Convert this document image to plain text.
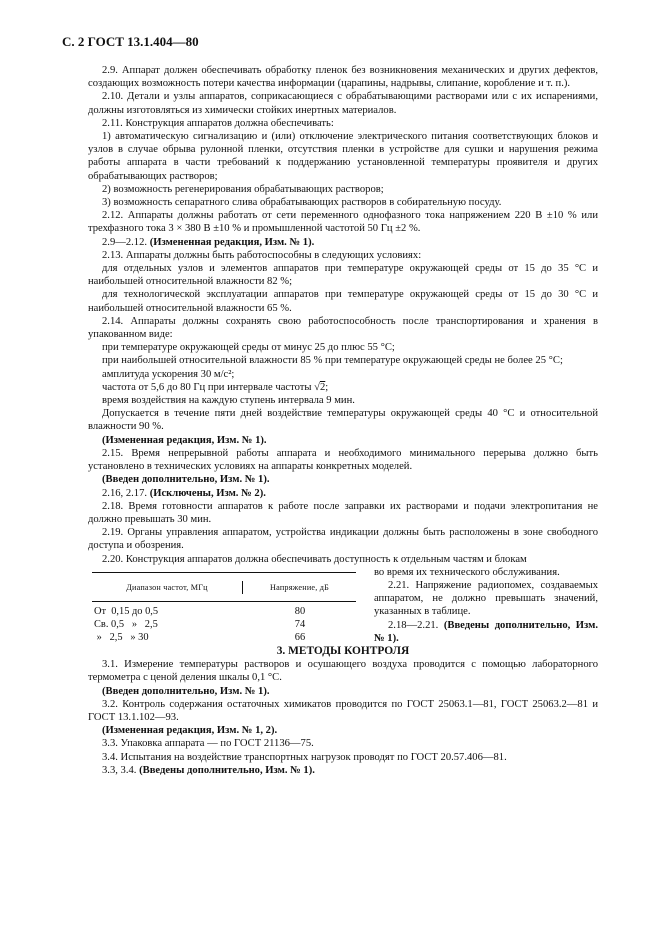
С. 2 ГОСТ 13.1.404—80

2.9. Аппарат должен обеспечивать обработку пленок без возникновения механических и других дефектов, создающих возможность потери качества информации (царапины, надрывы, слипание, коробление и т. п.).

2.10. Детали и узлы аппаратов, соприкасающиеся с обрабатывающими растворами или с их испарениями, должны изготовляться из химически стойких инертных материалов.

2.11. Конструкция аппаратов должна обеспечивать:

1) автоматическую сигнализацию и (или) отключение электрического питания соответствующих блоков и узлов в случае обрыва рулонной пленки, отсутствия пленки в устройстве для сушки и нарушения режима работы аппарата в части требований к поддержанию установленной температуры проявителя и других обрабатывающих растворов;

2) возможность регенерирования обрабатывающих растворов;

3) возможность сепаратного слива обрабатывающих растворов в собирательную посуду.

2.12. Аппараты должны работать от сети переменного однофазного тока напряжением 220 В ±10 % или трехфазного тока 3 × 380 В ±10 % и промышленной частотой 50 Гц ±2 %.

2.9—2.12. (Измененная редакция, Изм. № 1).

2.13. Аппараты должны быть работоспособны в следующих условиях:

для отдельных узлов и элементов аппаратов при температуре окружающей среды от 15 до 35 °С и наибольшей относительной влажности 82 %;

для технологической эксплуатации аппаратов при температуре окружающей среды от 15 до 30 °С и наибольшей относительной влажности 65 %.

2.14. Аппараты должны сохранять свою работоспособность после транспортирования и хранения в упакованном виде:

при температуре окружающей среды от минус 25 до плюс 55 °С;

при наибольшей относительной влажности 85 % при температуре окружающей среды не более 25 °С;

амплитуда ускорения 30 м/с²;

частота от 5,6 до 80 Гц при интервале частоты √2;

время воздействия на каждую ступень интервала 9 мин.

Допускается в течение пяти дней воздействие температуры окружающей среды 40 °С и относительной влажности 90 %.

(Измененная редакция, Изм. № 1).

2.15. Время непрерывной работы аппарата и необходимого минимального перерыва должно быть установлено в технических условиях на аппараты конкретных моделей.

(Введен дополнительно, Изм. № 1).

2.16, 2.17. (Исключены, Изм. № 2).

2.18. Время готовности аппаратов к работе после заправки их растворами и подачи электропитания не должно превышать 30 мин.

2.19. Органы управления аппаратом, устройства индикации должны быть расположены в зоне свободного доступа и обозрения.

2.20. Конструкция аппаратов должна обеспечивать доступность к отдельным частям и блокам

Диапазон частот, МГц	Напряжение, дБ
От  0,15 до 0,5	80
Св. 0,5   »   2,5	74
»   2,5   » 30	66

во время их технического обслуживания.

2.21. Напряжение радиопомех, создаваемых аппаратом, не должно превышать значений, указанных в таблице.

2.18—2.21. (Введены дополнительно, Изм. № 1).

3. МЕТОДЫ КОНТРОЛЯ

3.1. Измерение температуры растворов и осушающего воздуха проводится с помощью лабораторного термометра с ценой деления шкалы 0,1 °С.

(Введен дополнительно, Изм. № 1).

3.2. Контроль содержания остаточных химикатов проводится по ГОСТ 25063.1—81, ГОСТ 25063.2—81 и ГОСТ 13.1.102—93.

(Измененная редакция, Изм. № 1, 2).

3.3. Упаковка аппарата — по ГОСТ 21136—75.

3.4. Испытания на воздействие транспортных нагрузок проводят по ГОСТ 20.57.406—81.

3.3, 3.4. (Введены дополнительно, Изм. № 1).
